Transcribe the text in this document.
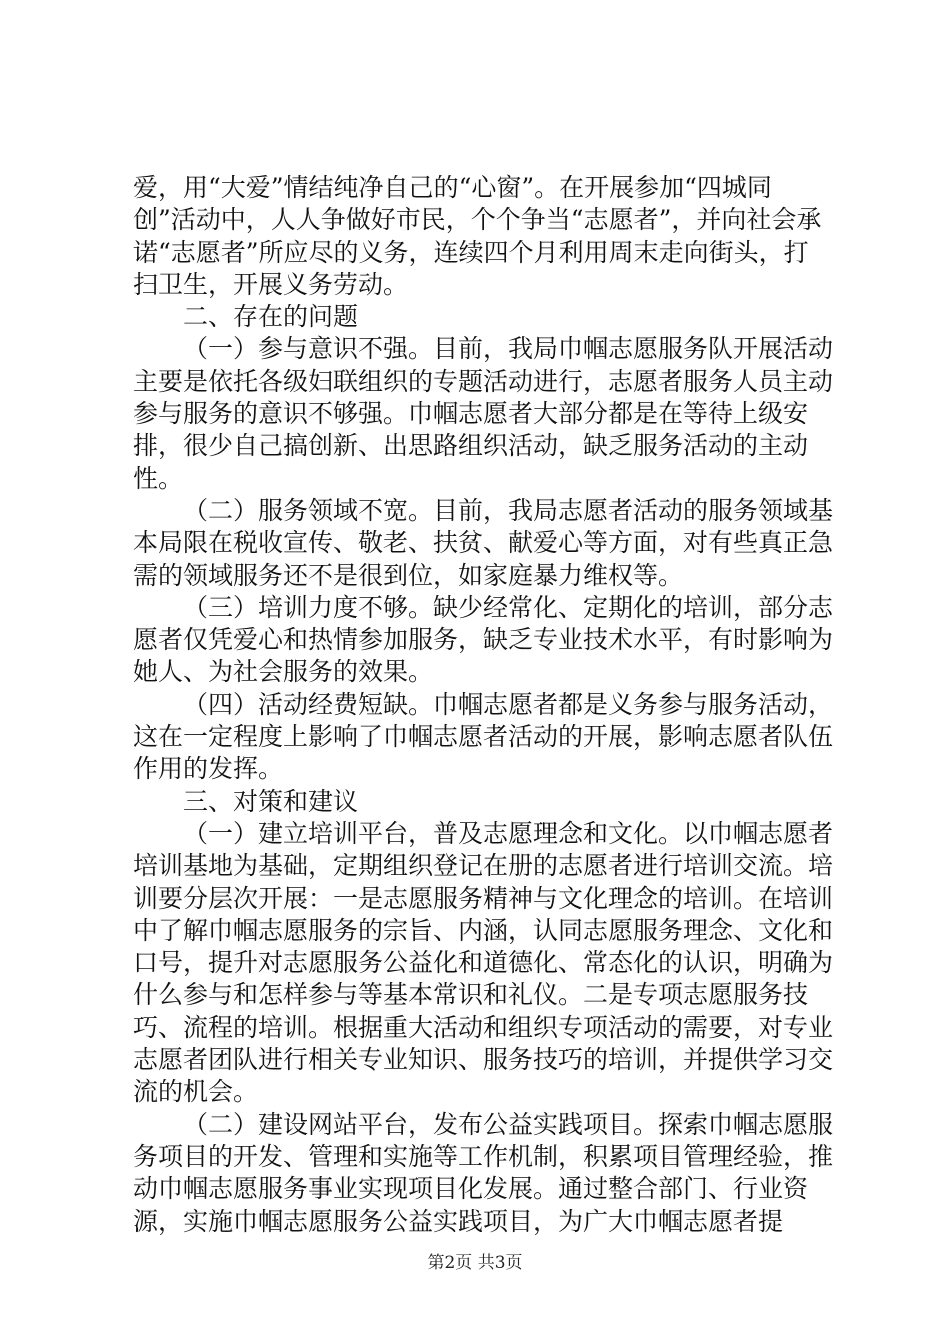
爱，用“大爱”情结纯净自己的“心窗”。在开展参加“四城同创”活动中，人人争做好市民，个个争当“志愿者”，并向社会承诺“志愿者”所应尽的义务，连续四个月利用周末走向街头，打扫卫生，开展义务劳动。

二、存在的问题

（一）参与意识不强。目前，我局巾帼志愿服务队开展活动主要是依托各级妇联组织的专题活动进行，志愿者服务人员主动参与服务的意识不够强。巾帼志愿者大部分都是在等待上级安排，很少自己搞创新、出思路组织活动，缺乏服务活动的主动性。

（二）服务领域不宽。目前，我局志愿者活动的服务领域基本局限在税收宣传、敬老、扶贫、献爱心等方面，对有些真正急需的领域服务还不是很到位，如家庭暴力维权等。

（三）培训力度不够。缺少经常化、定期化的培训，部分志愿者仅凭爱心和热情参加服务，缺乏专业技术水平，有时影响为她人、为社会服务的效果。

（四）活动经费短缺。巾帼志愿者都是义务参与服务活动，这在一定程度上影响了巾帼志愿者活动的开展，影响志愿者队伍作用的发挥。

三、对策和建议

（一）建立培训平台，普及志愿理念和文化。以巾帼志愿者培训基地为基础，定期组织登记在册的志愿者进行培训交流。培训要分层次开展：一是志愿服务精神与文化理念的培训。在培训中了解巾帼志愿服务的宗旨、内涵，认同志愿服务理念、文化和口号，提升对志愿服务公益化和道德化、常态化的认识，明确为什么参与和怎样参与等基本常识和礼仪。二是专项志愿服务技巧、流程的培训。根据重大活动和组织专项活动的需要，对专业志愿者团队进行相关专业知识、服务技巧的培训，并提供学习交流的机会。

（二）建设网站平台，发布公益实践项目。探索巾帼志愿服务项目的开发、管理和实施等工作机制，积累项目管理经验，推动巾帼志愿服务事业实现项目化发展。通过整合部门、行业资源，实施巾帼志愿服务公益实践项目，为广大巾帼志愿者提

第2页 共3页
